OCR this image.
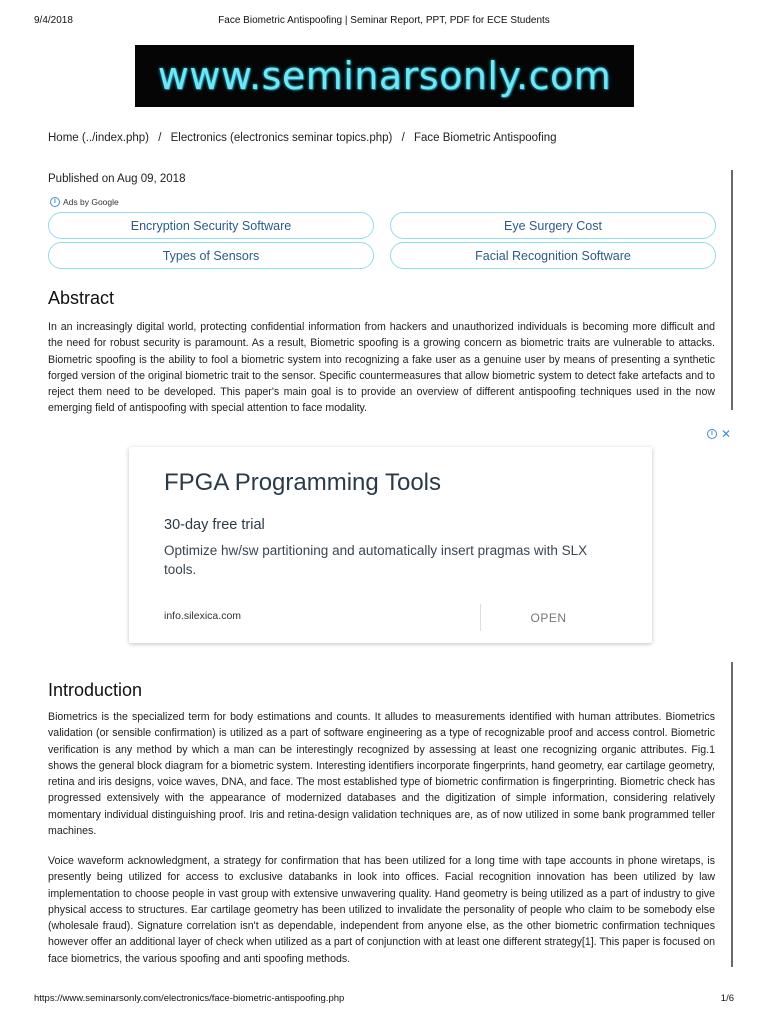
9/4/2018	Face Biometric Antispoofing | Seminar Report, PPT, PDF for ECE Students
www.seminarsonly.com
Home (../index.php) / Electronics (electronics seminar topics.php) / Face Biometric Antispoofing
Published on Aug 09, 2018
i Ads by Google
Encryption Security Software	Eye Surgery Cost
Types of Sensors	Facial Recognition Software
Abstract

In an increasingly digital world, protecting confidential information from hackers and unauthorized individuals is becoming more difficult and the need for robust security is paramount. As a result, Biometric spoofing is a growing concern as biometric traits are vulnerable to attacks. Biometric spoofing is the ability to fool a biometric system into recognizing a fake user as a genuine user by means of presenting a synthetic forged version of the original biometric trait to the sensor. Specific countermeasures that allow biometric system to detect fake artefacts and to reject them need to be developed. This paper's main goal is to provide an overview of different antispoofing techniques used in the now emerging field of antispoofing with special attention to face modality.

i ✕
FPGA Programming Tools
30-day free trial
Optimize hw/sw partitioning and automatically insert pragmas with SLX tools.
info.silexica.com	OPEN
Introduction

Biometrics is the specialized term for body estimations and counts. It alludes to measurements identified with human attributes. Biometrics validation (or sensible confirmation) is utilized as a part of software engineering as a type of recognizable proof and access control. Biometric verification is any method by which a man can be interestingly recognized by assessing at least one recognizing organic attributes. Fig.1 shows the general block diagram for a biometric system. Interesting identifiers incorporate fingerprints, hand geometry, ear cartilage geometry, retina and iris designs, voice waves, DNA, and face. The most established type of biometric confirmation is fingerprinting. Biometric check has progressed extensively with the appearance of modernized databases and the digitization of simple information, considering relatively momentary individual distinguishing proof. Iris and retina-design validation techniques are, as of now utilized in some bank programmed teller machines.

Voice waveform acknowledgment, a strategy for confirmation that has been utilized for a long time with tape accounts in phone wiretaps, is presently being utilized for access to exclusive databanks in look into offices. Facial recognition innovation has been utilized by law implementation to choose people in vast group with extensive unwavering quality. Hand geometry is being utilized as a part of industry to give physical access to structures. Ear cartilage geometry has been utilized to invalidate the personality of people who claim to be somebody else (wholesale fraud). Signature correlation isn't as dependable, independent from anyone else, as the other biometric confirmation techniques however offer an additional layer of check when utilized as a part of conjunction with at least one different strategy[1]. This paper is focused on face biometrics, the various spoofing and anti spoofing methods.

https://www.seminarsonly.com/electronics/face-biometric-antispoofing.php	1/6
